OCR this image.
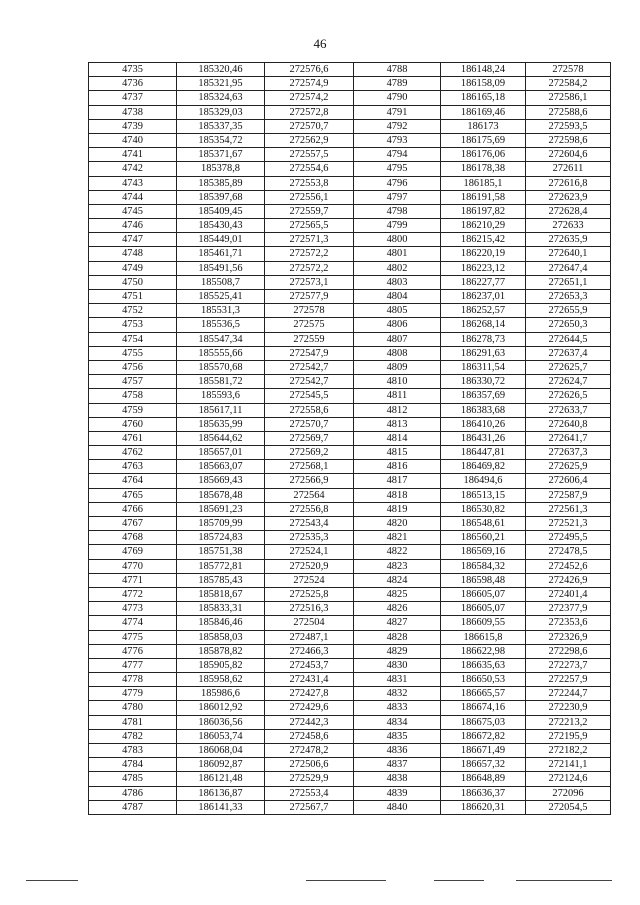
46
4735	185320,46	272576,6	4788	186148,24	272578
4736	185321,95	272574,9	4789	186158,09	272584,2
4737	185324,63	272574,2	4790	186165,18	272586,1
4738	185329,03	272572,8	4791	186169,46	272588,6
4739	185337,35	272570,7	4792	186173	272593,5
4740	185354,72	272562,9	4793	186175,69	272598,6
4741	185371,67	272557,5	4794	186176,06	272604,6
4742	185378,8	272554,6	4795	186178,38	272611
4743	185385,89	272553,8	4796	186185,1	272616,8
4744	185397,68	272556,1	4797	186191,58	272623,9
4745	185409,45	272559,7	4798	186197,82	272628,4
4746	185430,43	272565,5	4799	186210,29	272633
4747	185449,01	272571,3	4800	186215,42	272635,9
4748	185461,71	272572,2	4801	186220,19	272640,1
4749	185491,56	272572,2	4802	186223,12	272647,4
4750	185508,7	272573,1	4803	186227,77	272651,1
4751	185525,41	272577,9	4804	186237,01	272653,3
4752	185531,3	272578	4805	186252,57	272655,9
4753	185536,5	272575	4806	186268,14	272650,3
4754	185547,34	272559	4807	186278,73	272644,5
4755	185555,66	272547,9	4808	186291,63	272637,4
4756	185570,68	272542,7	4809	186311,54	272625,7
4757	185581,72	272542,7	4810	186330,72	272624,7
4758	185593,6	272545,5	4811	186357,69	272626,5
4759	185617,11	272558,6	4812	186383,68	272633,7
4760	185635,99	272570,7	4813	186410,26	272640,8
4761	185644,62	272569,7	4814	186431,26	272641,7
4762	185657,01	272569,2	4815	186447,81	272637,3
4763	185663,07	272568,1	4816	186469,82	272625,9
4764	185669,43	272566,9	4817	186494,6	272606,4
4765	185678,48	272564	4818	186513,15	272587,9
4766	185691,23	272556,8	4819	186530,82	272561,3
4767	185709,99	272543,4	4820	186548,61	272521,3
4768	185724,83	272535,3	4821	186560,21	272495,5
4769	185751,38	272524,1	4822	186569,16	272478,5
4770	185772,81	272520,9	4823	186584,32	272452,6
4771	185785,43	272524	4824	186598,48	272426,9
4772	185818,67	272525,8	4825	186605,07	272401,4
4773	185833,31	272516,3	4826	186605,07	272377,9
4774	185846,46	272504	4827	186609,55	272353,6
4775	185858,03	272487,1	4828	186615,8	272326,9
4776	185878,82	272466,3	4829	186622,98	272298,6
4777	185905,82	272453,7	4830	186635,63	272273,7
4778	185958,62	272431,4	4831	186650,53	272257,9
4779	185986,6	272427,8	4832	186665,57	272244,7
4780	186012,92	272429,6	4833	186674,16	272230,9
4781	186036,56	272442,3	4834	186675,03	272213,2
4782	186053,74	272458,6	4835	186672,82	272195,9
4783	186068,04	272478,2	4836	186671,49	272182,2
4784	186092,87	272506,6	4837	186657,32	272141,1
4785	186121,48	272529,9	4838	186648,89	272124,6
4786	186136,87	272553,4	4839	186636,37	272096
4787	186141,33	272567,7	4840	186620,31	272054,5
